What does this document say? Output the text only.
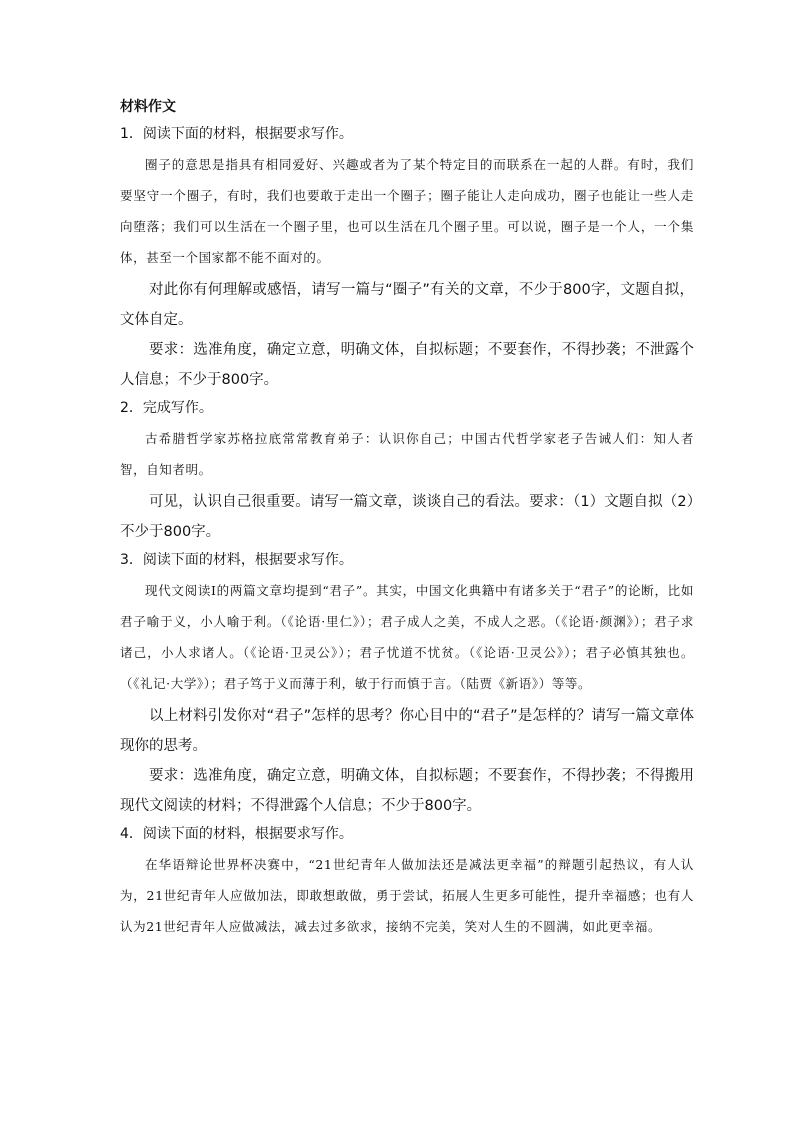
材料作文
1．阅读下面的材料，根据要求写作。

圈子的意思是指具有相同爱好、兴趣或者为了某个特定目的而联系在一起的人群。有时，我们要坚守一个圈子，有时，我们也要敢于走出一个圈子；圈子能让人走向成功，圈子也能让一些人走向堕落；我们可以生活在一个圈子里，也可以生活在几个圈子里。可以说，圈子是一个人，一个集体，甚至一个国家都不能不面对的。

对此你有何理解或感悟，请写一篇与“圈子”有关的文章，不少于800字，文题自拟，文体自定。

要求：选准角度，确定立意，明确文体，自拟标题；不要套作，不得抄袭；不泄露个人信息；不少于800字。

2．完成写作。

古希腊哲学家苏格拉底常常教育弟子：认识你自己；中国古代哲学家老子告诫人们：知人者智，自知者明。

可见，认识自己很重要。请写一篇文章，谈谈自己的看法。要求：（1）文题自拟（2）不少于800字。

3．阅读下面的材料，根据要求写作。

现代文阅读Ⅰ的两篇文章均提到“君子”。其实，中国文化典籍中有诸多关于“君子”的论断，比如君子喻于义，小人喻于利。（《论语·里仁》）；君子成人之美，不成人之恶。（《论语·颜渊》）；君子求诸己，小人求诸人。（《论语·卫灵公》）；君子忧道不忧贫。（《论语·卫灵公》）；君子必慎其独也。（《礼记·大学》）；君子笃于义而薄于利，敏于行而慎于言。（陆贾《新语》）等等。

以上材料引发你对“君子”怎样的思考？你心目中的“君子”是怎样的？请写一篇文章体现你的思考。

要求：选准角度，确定立意，明确文体，自拟标题；不要套作，不得抄袭；不得搬用现代文阅读的材料；不得泄露个人信息；不少于800字。

4．阅读下面的材料，根据要求写作。

在华语辩论世界杯决赛中，“21世纪青年人做加法还是减法更幸福”的辩题引起热议，有人认为，21世纪青年人应做加法，即敢想敢做，勇于尝试，拓展人生更多可能性，提升幸福感；也有人认为21世纪青年人应做减法，减去过多欲求，接纳不完美，笑对人生的不圆满，如此更幸福。
